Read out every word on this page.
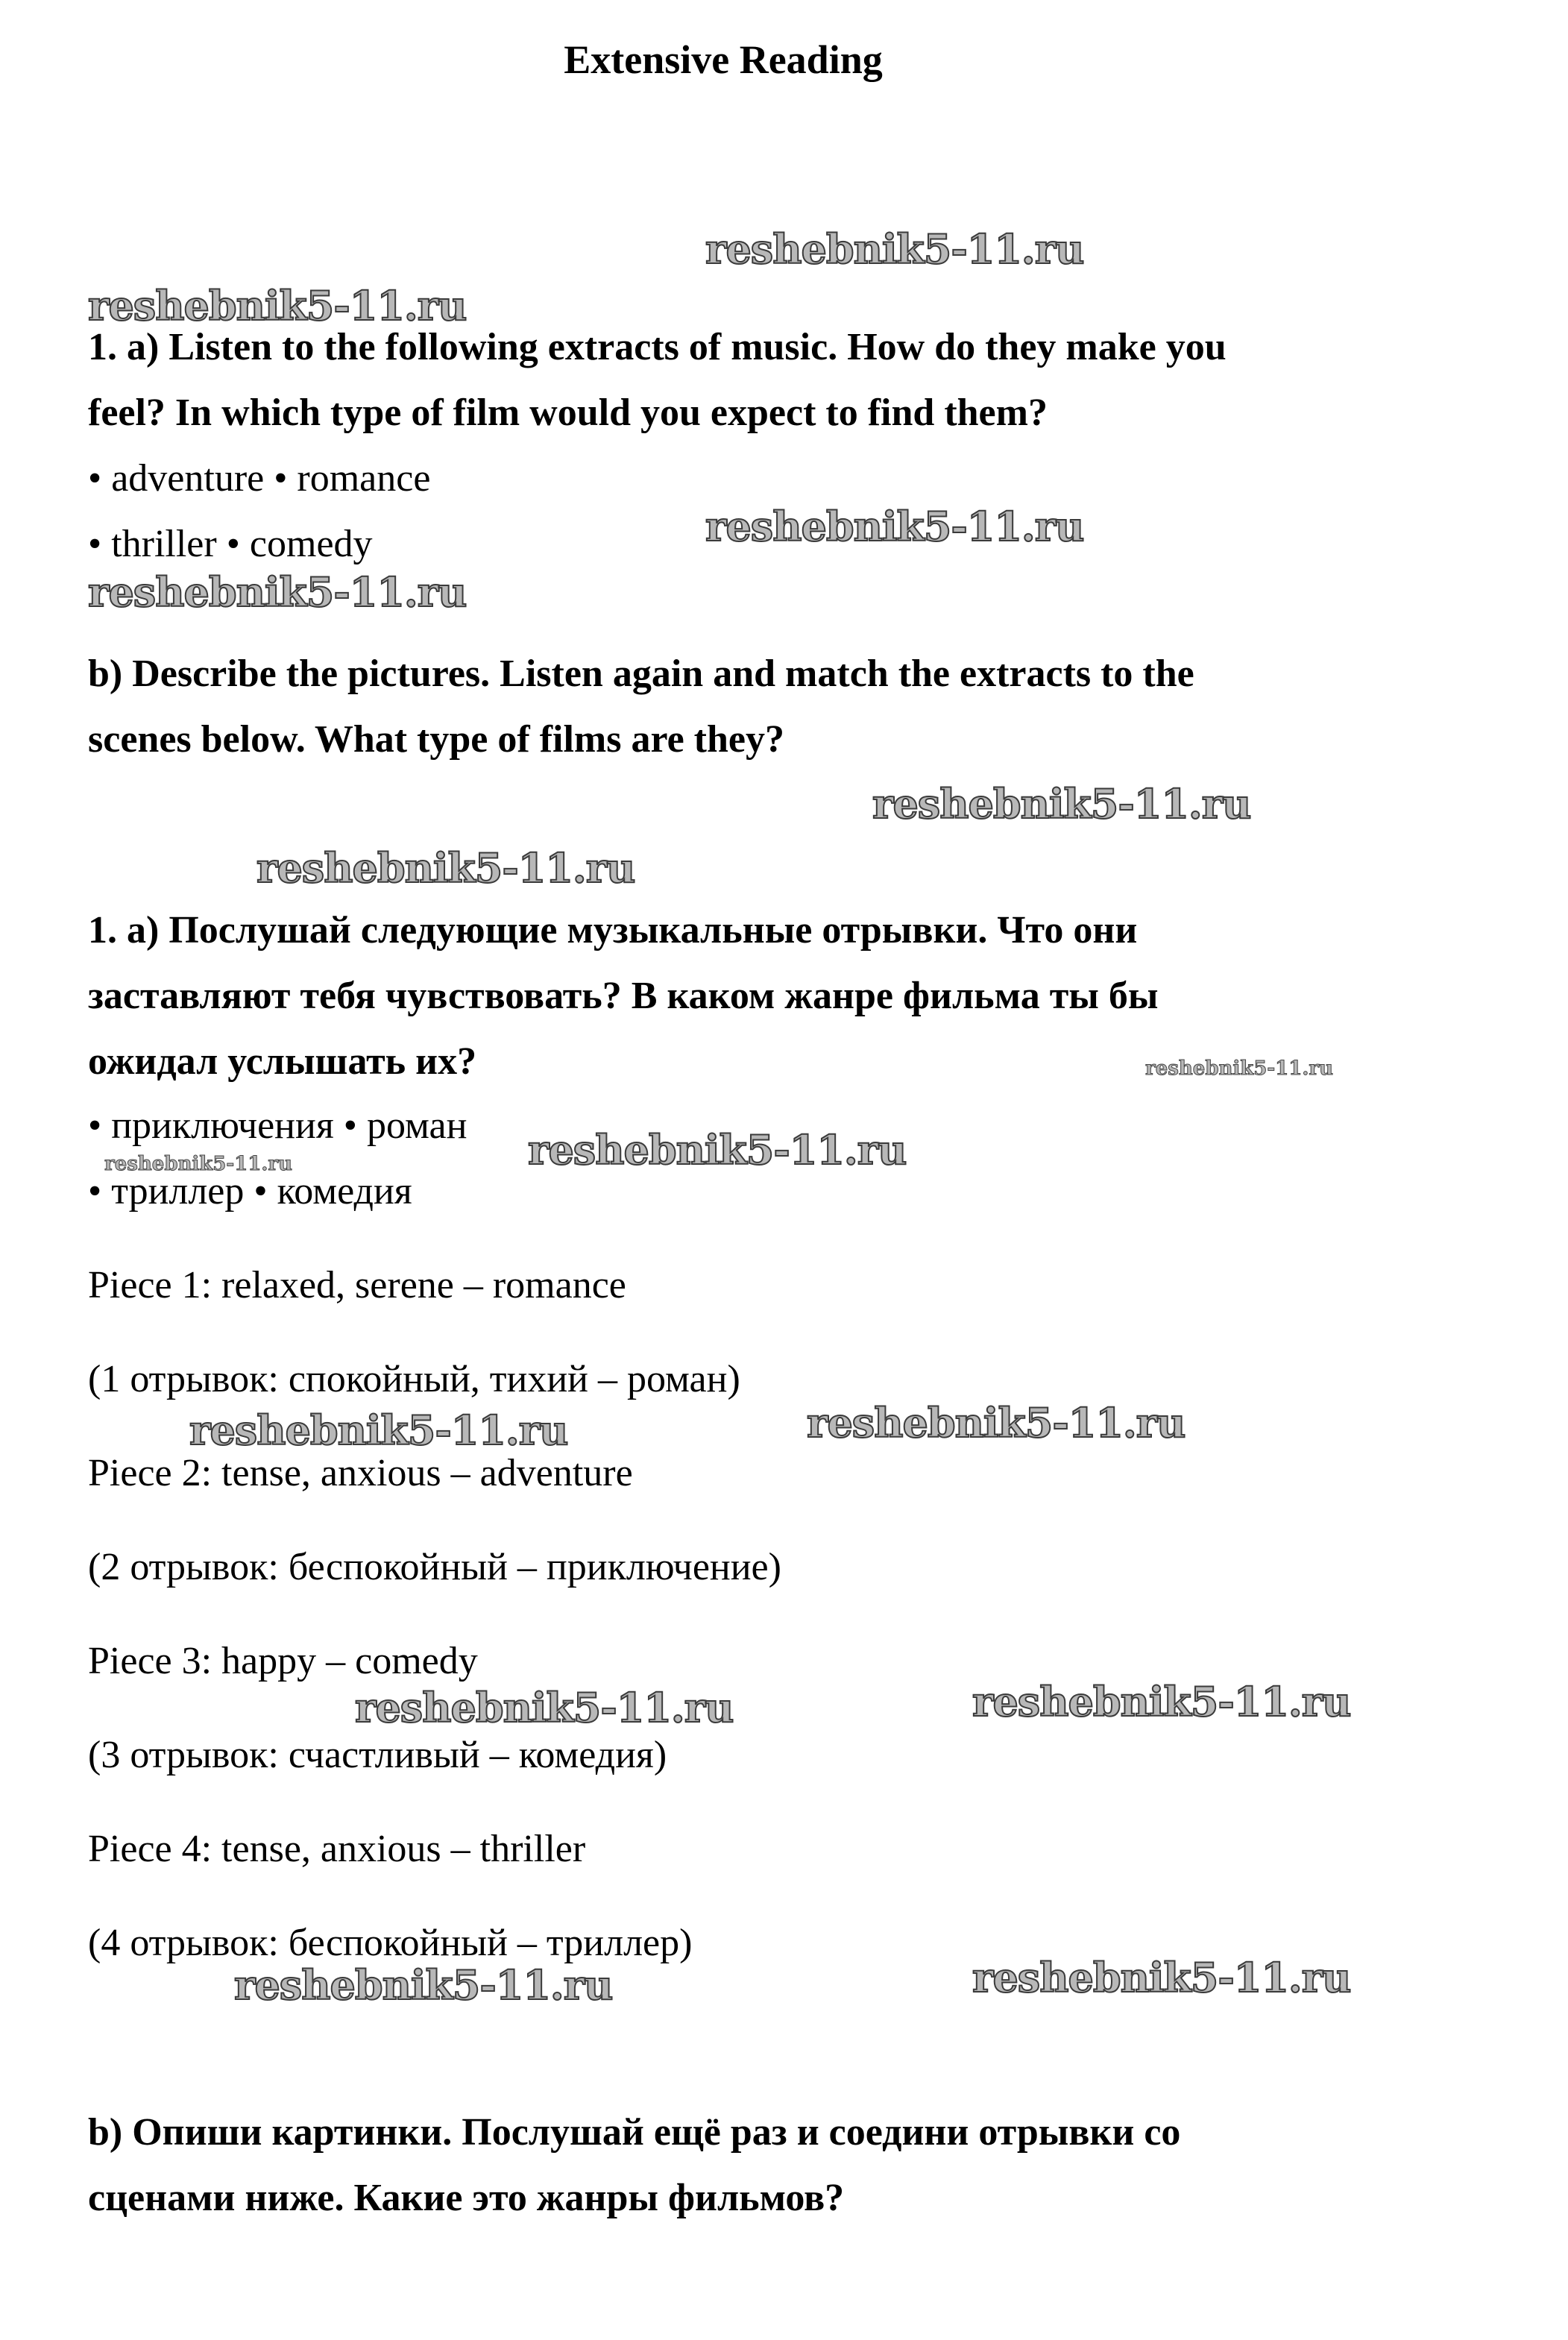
Extensive Reading

1. a) Listen to the following extracts of music. How do they make you

feel? In which type of film would you expect to find them?

• adventure • romance

• thriller • comedy

b) Describe the pictures. Listen again and match the extracts to the

scenes below. What type of films are they?

1. а) Послушай следующие музыкальные отрывки. Что они

заставляют тебя чувствовать? В каком жанре фильма ты бы

ожидал услышать их?

• приключения • роман

• триллер • комедия

Piece 1: relaxed, serene – romance

(1 отрывок: спокойный, тихий – роман)

Piece 2: tense, anxious – adventure

(2 отрывок: беспокойный – приключение)

Piece 3: happy – comedy

(3 отрывок: счастливый – комедия)

Piece 4: tense, anxious – thriller

(4 отрывок: беспокойный – триллер)

b) Опиши картинки. Послушай ещё раз и соедини отрывки со

сценами ниже. Какие это жанры фильмов?

reshebnik5-11.ru
reshebnik5-11.ru
reshebnik5-11.ru
reshebnik5-11.ru
reshebnik5-11.ru
reshebnik5-11.ru
reshebnik5-11.ru
reshebnik5-11.ru
reshebnik5-11.ru
reshebnik5-11.ru
reshebnik5-11.ru
reshebnik5-11.ru
reshebnik5-11.ru
reshebnik5-11.ru
reshebnik5-11.ru
